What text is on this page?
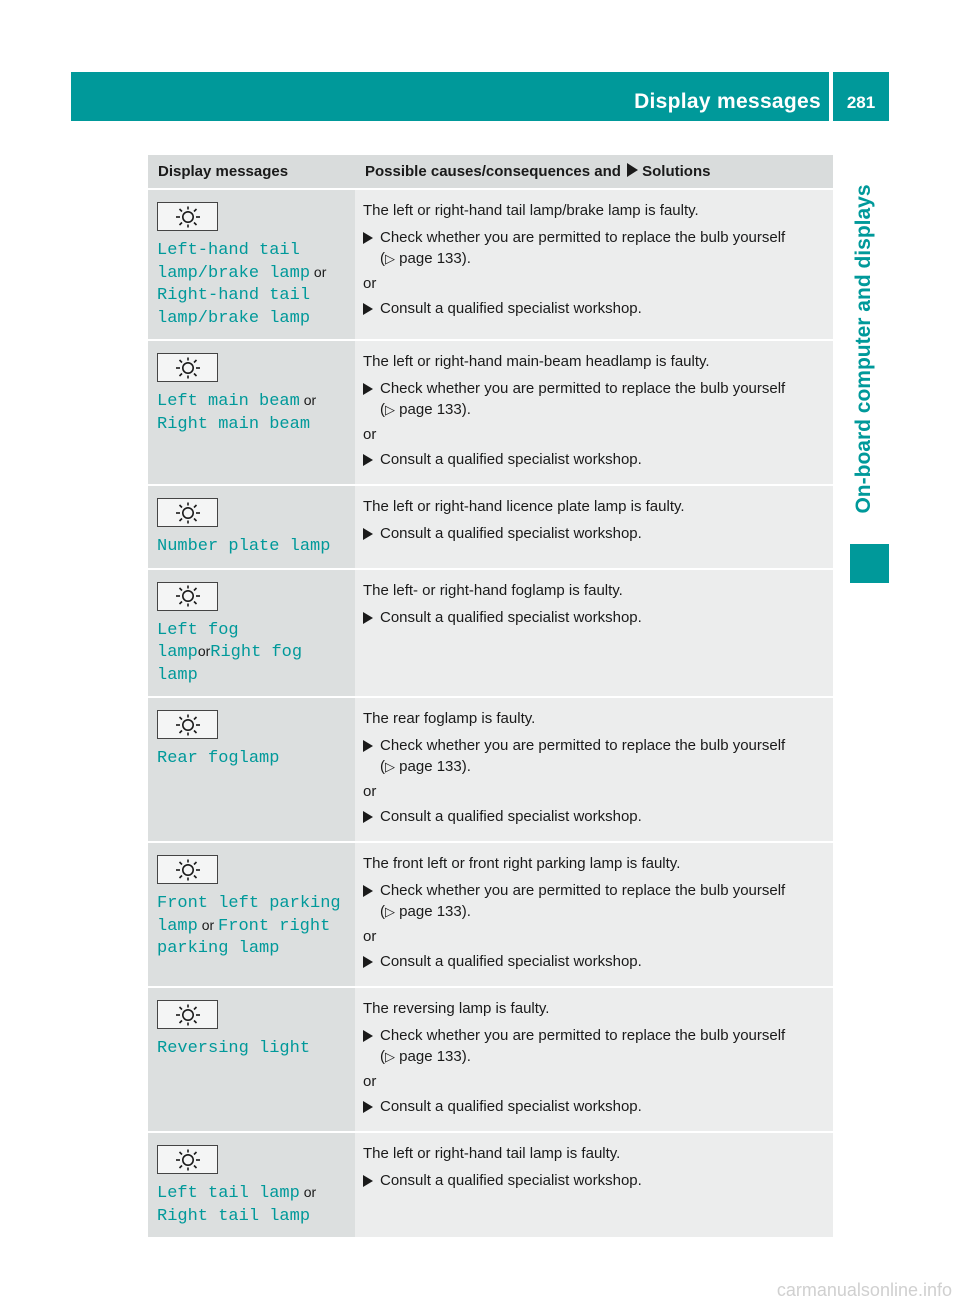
Display messages	281
On-board computer and displays
Display messages	Possible causes/consequences and Solutions

Left-hand tail lamp/brake lamp or Right-hand tail lamp/brake lamp	The left or right-hand tail lamp/brake lamp is faulty.

Check whether you are permitted to replace the bulb yourself
(▷ page 133).

or

Consult a qualified specialist workshop.

Left main beam or Right main beam	The left or right-hand main-beam headlamp is faulty.

Check whether you are permitted to replace the bulb yourself
(▷ page 133).

or

Consult a qualified specialist workshop.

Number plate lamp	The left or right-hand licence plate lamp is faulty.

Consult a qualified specialist workshop.

Left fog lamporRight fog lamp	The left- or right-hand foglamp is faulty.

Consult a qualified specialist workshop.

Rear foglamp	The rear foglamp is faulty.

Check whether you are permitted to replace the bulb yourself
(▷ page 133).

or

Consult a qualified specialist workshop.

Front left parking lamp or Front right parking lamp	The front left or front right parking lamp is faulty.

Check whether you are permitted to replace the bulb yourself
(▷ page 133).

or

Consult a qualified specialist workshop.

Reversing light	The reversing lamp is faulty.

Check whether you are permitted to replace the bulb yourself
(▷ page 133).

or

Consult a qualified specialist workshop.

Left tail lamp or Right tail lamp	The left or right-hand tail lamp is faulty.

Consult a qualified specialist workshop.
carmanualsonline.info
